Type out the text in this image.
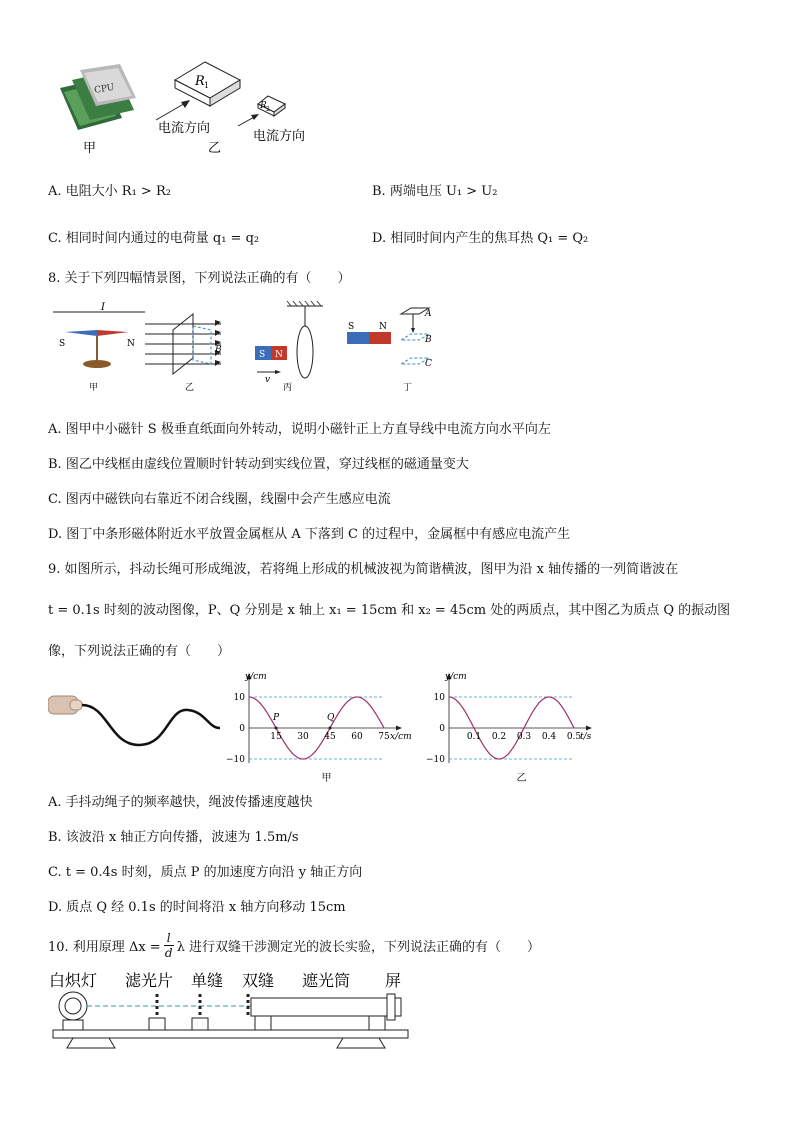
CPU
甲
R 1
电流方向
乙
R 2
电流方向
A. 电阻大小 R₁ > R₂	B. 两端电压 U₁ > U₂
C. 相同时间内通过的电荷量 q₁ = q₂	D. 相同时间内产生的焦耳热 Q₁ = Q₂
8. 关于下列四幅情景图，下列说法正确的有（　　）
I
S	N
甲
B
乙
S N
v
丙
S	N
A
B
C
丁
A. 图甲中小磁针 S 极垂直纸面向外转动，说明小磁针正上方直导线中电流方向水平向左
B. 图乙中线框由虚线位置顺时针转动到实线位置，穿过线框的磁通量变大
C. 图丙中磁铁向右靠近不闭合线圈，线圈中会产生感应电流
D. 图丁中条形磁体附近水平放置金属框从 A 下落到 C 的过程中，金属框中有感应电流产生
9. 如图所示，抖动长绳可形成绳波，若将绳上形成的机械波视为简谐横波，图甲为沿 x 轴传播的一列简谐波在
t = 0.1s 时刻的波动图像，P、Q 分别是 x 轴上 x₁ = 15cm 和 x₂ = 45cm 处的两质点，其中图乙为质点 Q 的振动图
像，下列说法正确的有（　　）
y/cm
x/cm
10
0
−10
15 30 45 60 75
P	Q
甲
y/cm
t/s
10
0
−10
0.1 0.2 0.3 0.4 0.5
乙
A. 手抖动绳子的频率越快，绳波传播速度越快
B. 该波沿 x 轴正方向传播，波速为 1.5m/s
C. t = 0.4s 时刻，质点 P 的加速度方向沿 y 轴正方向
D. 质点 Q 经 0.1s 的时间将沿 x 轴方向移动 15cm
10. 利用原理 Δx =
l
d λ 进行双缝干涉测定光的波长实验，下列说法正确的有（　　）
白炽灯 滤光片 单缝 双缝 遮光筒 屏
